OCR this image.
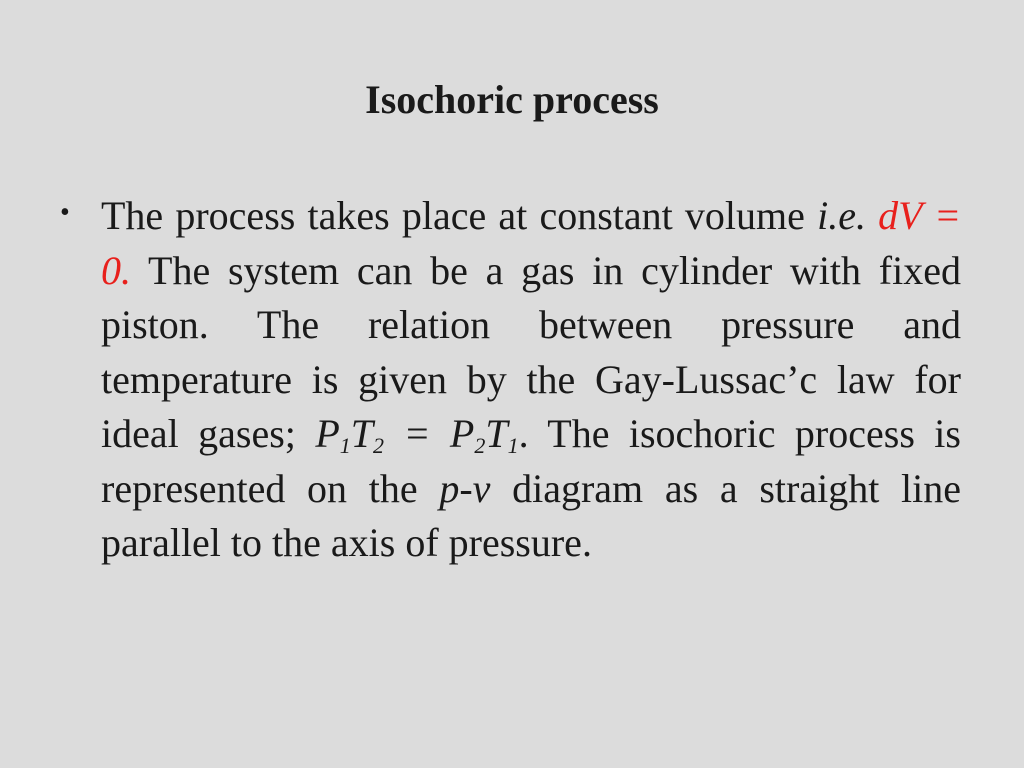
Isochoric process
• The process takes place at constant volume i.e. dV = 0. The system can be a gas in cylinder with fixed piston. The relation between pressure and temperature is given by the Gay-Lussac’c law for ideal gases; $P_1T_2 = P_2T_1$. The isochoric process is represented on the p-v diagram as a straight line parallel to the axis of pressure.
